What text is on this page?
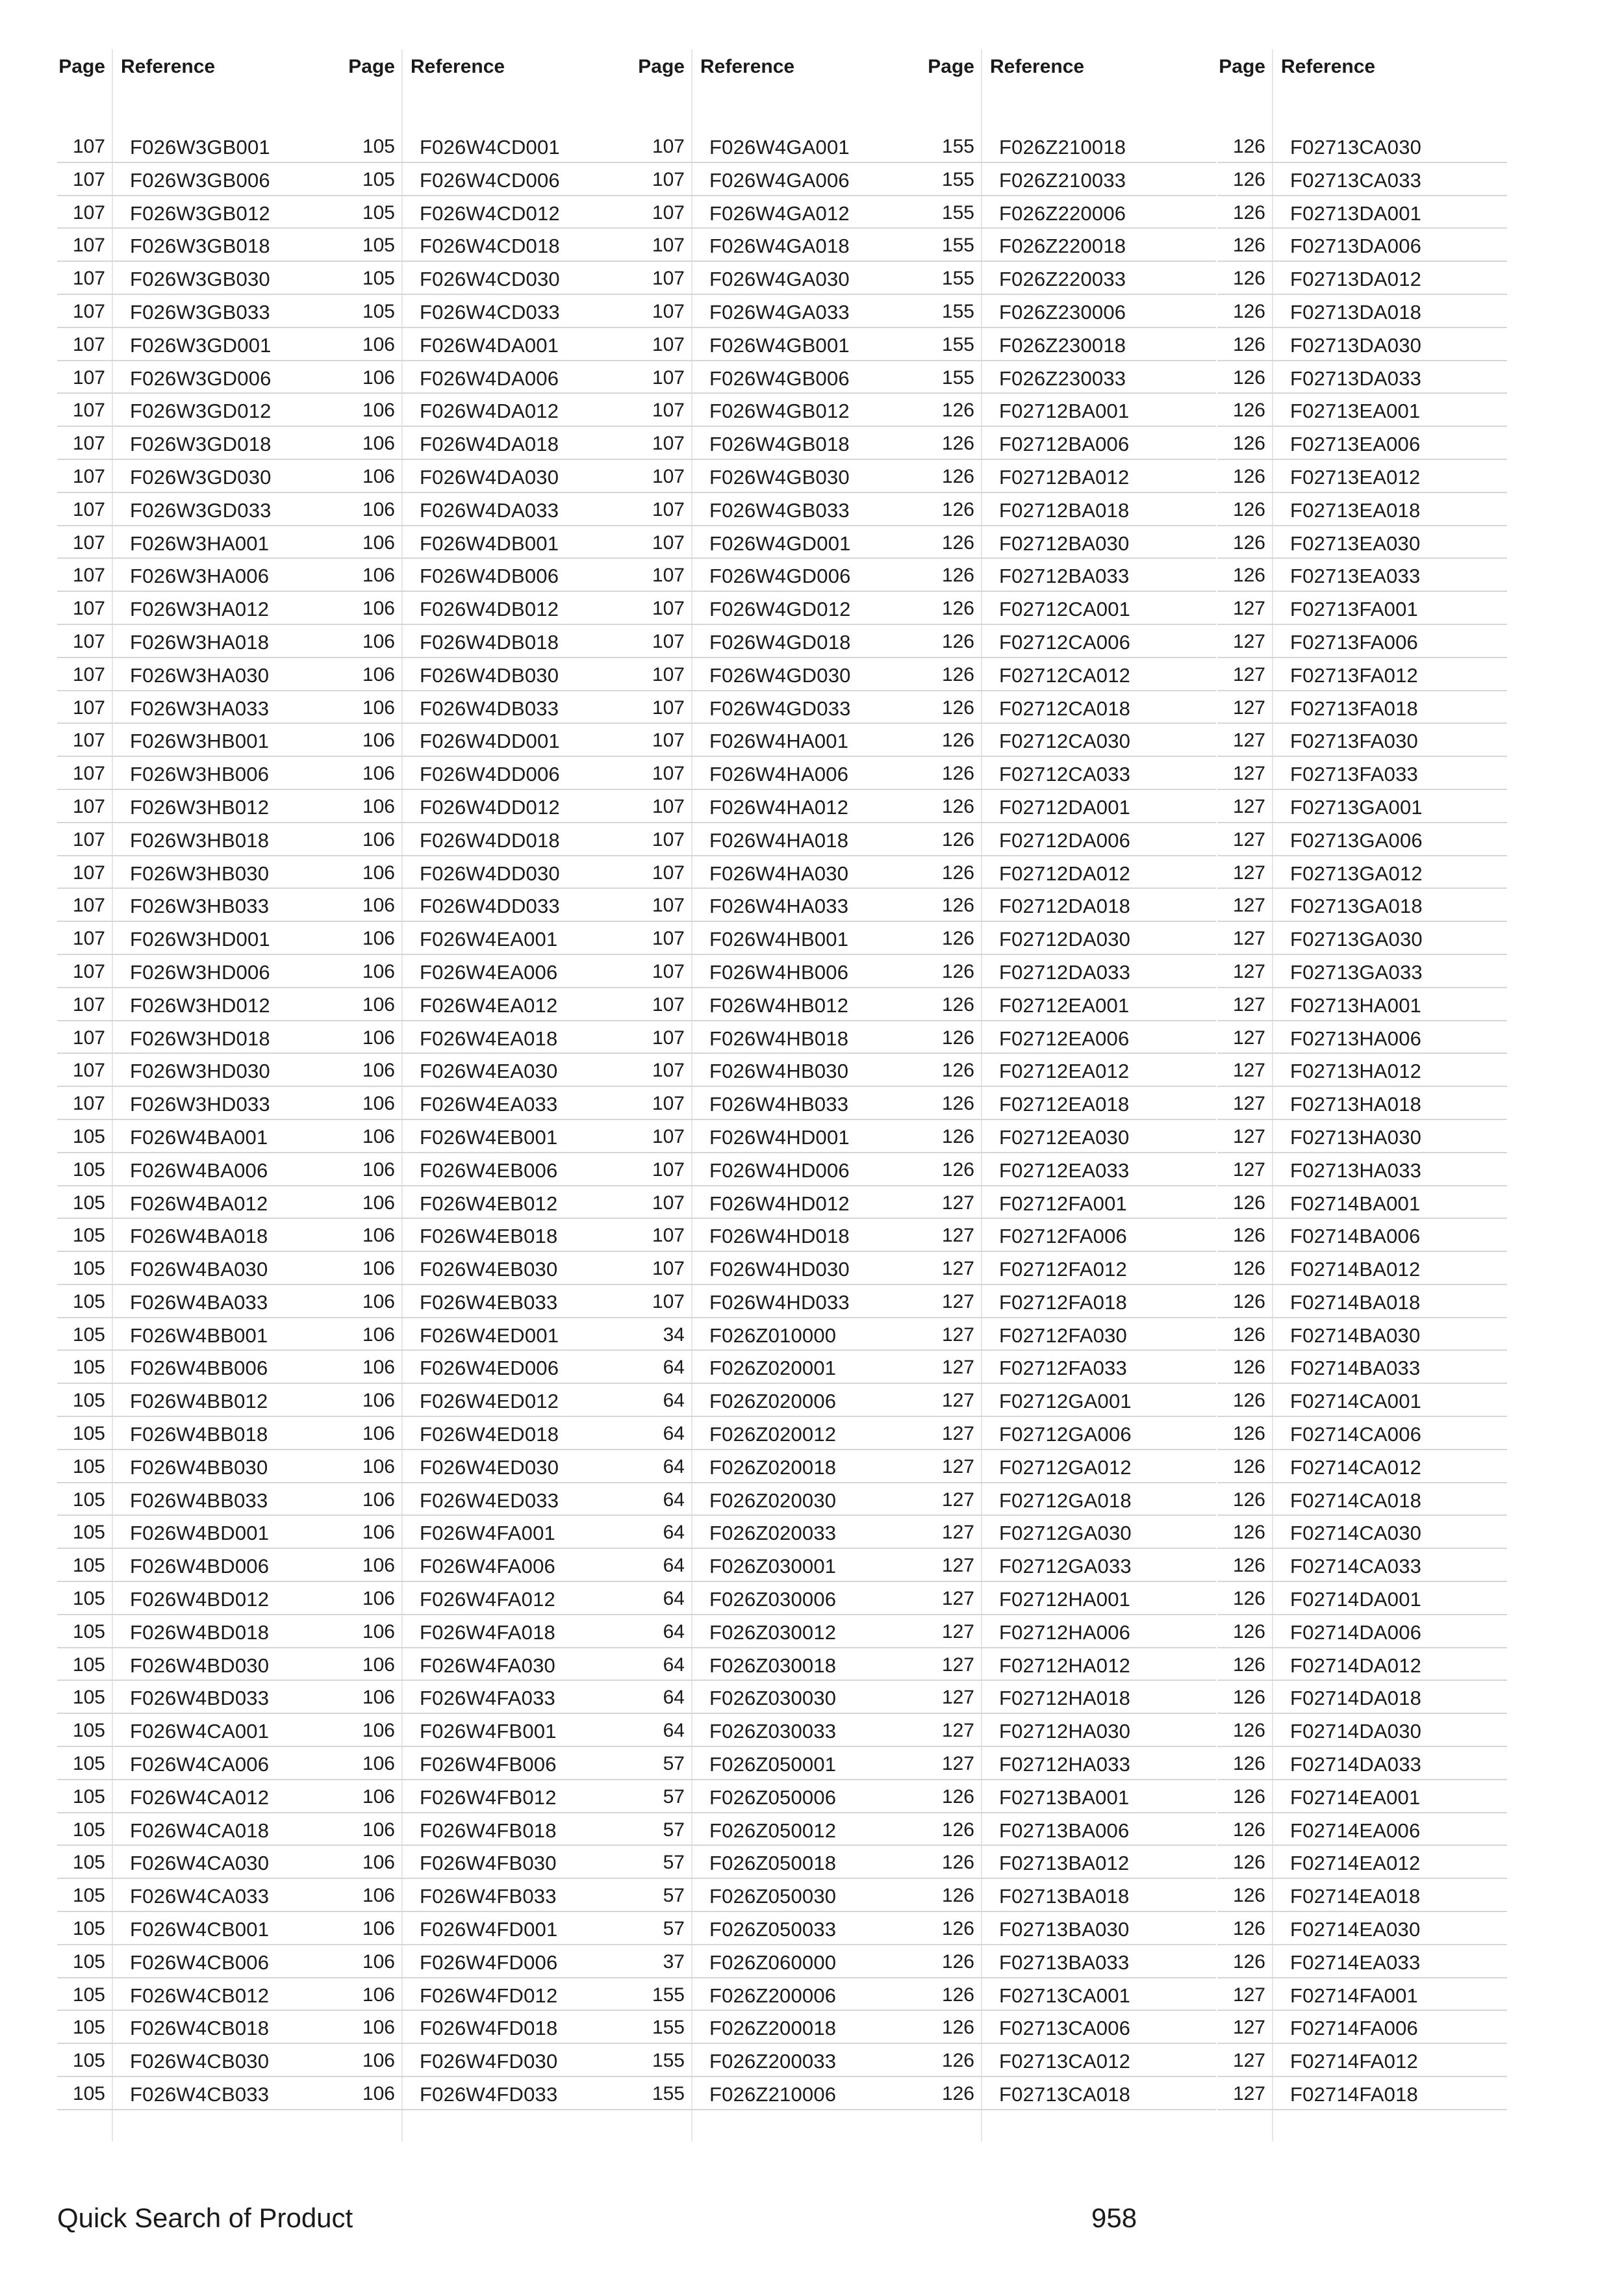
Page Reference
107 F026W3GB001
107 F026W3GB006
107 F026W3GB012
107 F026W3GB018
107 F026W3GB030
107 F026W3GB033
107 F026W3GD001
107 F026W3GD006
107 F026W3GD012
107 F026W3GD018
107 F026W3GD030
107 F026W3GD033
107 F026W3HA001
107 F026W3HA006
107 F026W3HA012
107 F026W3HA018
107 F026W3HA030
107 F026W3HA033
107 F026W3HB001
107 F026W3HB006
107 F026W3HB012
107 F026W3HB018
107 F026W3HB030
107 F026W3HB033
107 F026W3HD001
107 F026W3HD006
107 F026W3HD012
107 F026W3HD018
107 F026W3HD030
107 F026W3HD033
105 F026W4BA001
105 F026W4BA006
105 F026W4BA012
105 F026W4BA018
105 F026W4BA030
105 F026W4BA033
105 F026W4BB001
105 F026W4BB006
105 F026W4BB012
105 F026W4BB018
105 F026W4BB030
105 F026W4BB033
105 F026W4BD001
105 F026W4BD006
105 F026W4BD012
105 F026W4BD018
105 F026W4BD030
105 F026W4BD033
105 F026W4CA001
105 F026W4CA006
105 F026W4CA012
105 F026W4CA018
105 F026W4CA030
105 F026W4CA033
105 F026W4CB001
105 F026W4CB006
105 F026W4CB012
105 F026W4CB018
105 F026W4CB030
105 F026W4CB033
Page Reference
105 F026W4CD001
105 F026W4CD006
105 F026W4CD012
105 F026W4CD018
105 F026W4CD030
105 F026W4CD033
106 F026W4DA001
106 F026W4DA006
106 F026W4DA012
106 F026W4DA018
106 F026W4DA030
106 F026W4DA033
106 F026W4DB001
106 F026W4DB006
106 F026W4DB012
106 F026W4DB018
106 F026W4DB030
106 F026W4DB033
106 F026W4DD001
106 F026W4DD006
106 F026W4DD012
106 F026W4DD018
106 F026W4DD030
106 F026W4DD033
106 F026W4EA001
106 F026W4EA006
106 F026W4EA012
106 F026W4EA018
106 F026W4EA030
106 F026W4EA033
106 F026W4EB001
106 F026W4EB006
106 F026W4EB012
106 F026W4EB018
106 F026W4EB030
106 F026W4EB033
106 F026W4ED001
106 F026W4ED006
106 F026W4ED012
106 F026W4ED018
106 F026W4ED030
106 F026W4ED033
106 F026W4FA001
106 F026W4FA006
106 F026W4FA012
106 F026W4FA018
106 F026W4FA030
106 F026W4FA033
106 F026W4FB001
106 F026W4FB006
106 F026W4FB012
106 F026W4FB018
106 F026W4FB030
106 F026W4FB033
106 F026W4FD001
106 F026W4FD006
106 F026W4FD012
106 F026W4FD018
106 F026W4FD030
106 F026W4FD033
Page Reference
107 F026W4GA001
107 F026W4GA006
107 F026W4GA012
107 F026W4GA018
107 F026W4GA030
107 F026W4GA033
107 F026W4GB001
107 F026W4GB006
107 F026W4GB012
107 F026W4GB018
107 F026W4GB030
107 F026W4GB033
107 F026W4GD001
107 F026W4GD006
107 F026W4GD012
107 F026W4GD018
107 F026W4GD030
107 F026W4GD033
107 F026W4HA001
107 F026W4HA006
107 F026W4HA012
107 F026W4HA018
107 F026W4HA030
107 F026W4HA033
107 F026W4HB001
107 F026W4HB006
107 F026W4HB012
107 F026W4HB018
107 F026W4HB030
107 F026W4HB033
107 F026W4HD001
107 F026W4HD006
107 F026W4HD012
107 F026W4HD018
107 F026W4HD030
107 F026W4HD033
34 F026Z010000
64 F026Z020001
64 F026Z020006
64 F026Z020012
64 F026Z020018
64 F026Z020030
64 F026Z020033
64 F026Z030001
64 F026Z030006
64 F026Z030012
64 F026Z030018
64 F026Z030030
64 F026Z030033
57 F026Z050001
57 F026Z050006
57 F026Z050012
57 F026Z050018
57 F026Z050030
57 F026Z050033
37 F026Z060000
155 F026Z200006
155 F026Z200018
155 F026Z200033
155 F026Z210006
Page Reference
155 F026Z210018
155 F026Z210033
155 F026Z220006
155 F026Z220018
155 F026Z220033
155 F026Z230006
155 F026Z230018
155 F026Z230033
126 F02712BA001
126 F02712BA006
126 F02712BA012
126 F02712BA018
126 F02712BA030
126 F02712BA033
126 F02712CA001
126 F02712CA006
126 F02712CA012
126 F02712CA018
126 F02712CA030
126 F02712CA033
126 F02712DA001
126 F02712DA006
126 F02712DA012
126 F02712DA018
126 F02712DA030
126 F02712DA033
126 F02712EA001
126 F02712EA006
126 F02712EA012
126 F02712EA018
126 F02712EA030
126 F02712EA033
127 F02712FA001
127 F02712FA006
127 F02712FA012
127 F02712FA018
127 F02712FA030
127 F02712FA033
127 F02712GA001
127 F02712GA006
127 F02712GA012
127 F02712GA018
127 F02712GA030
127 F02712GA033
127 F02712HA001
127 F02712HA006
127 F02712HA012
127 F02712HA018
127 F02712HA030
127 F02712HA033
126 F02713BA001
126 F02713BA006
126 F02713BA012
126 F02713BA018
126 F02713BA030
126 F02713BA033
126 F02713CA001
126 F02713CA006
126 F02713CA012
126 F02713CA018
Page Reference
126 F02713CA030
126 F02713CA033
126 F02713DA001
126 F02713DA006
126 F02713DA012
126 F02713DA018
126 F02713DA030
126 F02713DA033
126 F02713EA001
126 F02713EA006
126 F02713EA012
126 F02713EA018
126 F02713EA030
126 F02713EA033
127 F02713FA001
127 F02713FA006
127 F02713FA012
127 F02713FA018
127 F02713FA030
127 F02713FA033
127 F02713GA001
127 F02713GA006
127 F02713GA012
127 F02713GA018
127 F02713GA030
127 F02713GA033
127 F02713HA001
127 F02713HA006
127 F02713HA012
127 F02713HA018
127 F02713HA030
127 F02713HA033
126 F02714BA001
126 F02714BA006
126 F02714BA012
126 F02714BA018
126 F02714BA030
126 F02714BA033
126 F02714CA001
126 F02714CA006
126 F02714CA012
126 F02714CA018
126 F02714CA030
126 F02714CA033
126 F02714DA001
126 F02714DA006
126 F02714DA012
126 F02714DA018
126 F02714DA030
126 F02714DA033
126 F02714EA001
126 F02714EA006
126 F02714EA012
126 F02714EA018
126 F02714EA030
126 F02714EA033
127 F02714FA001
127 F02714FA006
127 F02714FA012
127 F02714FA018
Quick Search of Product	958
